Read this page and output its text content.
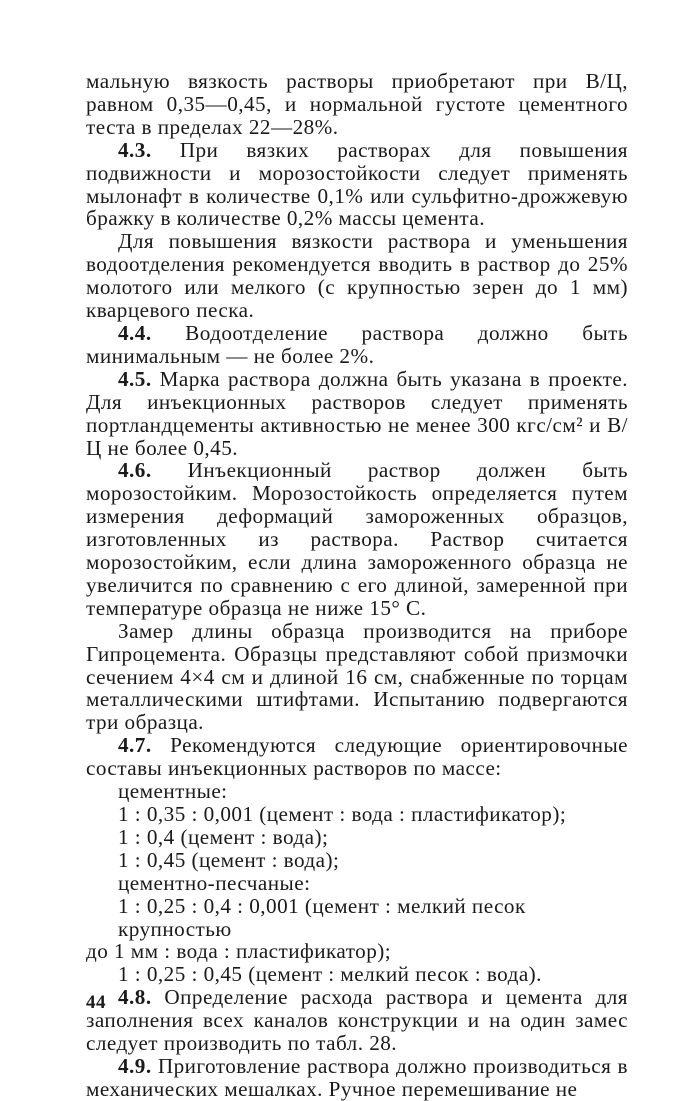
мальную вязкость растворы приобретают при В/Ц, равном 0,35—0,45, и нормальной густоте цементного теста в пределах 22—28%.

4.3. При вязких растворах для повышения подвижности и морозостойкости следует применять мылонафт в количестве 0,1% или сульфитно-дрожжевую бражку в количестве 0,2% массы цемента.

Для повышения вязкости раствора и уменьшения водоотделения рекомендуется вводить в раствор до 25% молотого или мелкого (с крупностью зерен до 1 мм) кварцевого песка.

4.4. Водоотделение раствора должно быть минимальным — не более 2%.

4.5. Марка раствора должна быть указана в проекте. Для инъекционных растворов следует применять портландцементы активностью не менее 300 кгс/см² и В/Ц не более 0,45.

4.6. Инъекционный раствор должен быть морозостойким. Морозостойкость определяется путем измерения деформаций замороженных образцов, изготовленных из раствора. Раствор считается морозостойким, если длина замороженного образца не увеличится по сравнению с его длиной, замеренной при температуре образца не ниже 15° С.

Замер длины образца производится на приборе Гипроцемента. Образцы представляют собой призмочки сечением 4×4 см и длиной 16 см, снабженные по торцам металлическими штифтами. Испытанию подвергаются три образца.

4.7. Рекомендуются следующие ориентировочные составы инъекционных растворов по массе:

цементные:
1 : 0,35 : 0,001 (цемент : вода : пластификатор);
1 : 0,4 (цемент : вода);
1 : 0,45 (цемент : вода);
цементно-песчаные:
1 : 0,25 : 0,4 : 0,001 (цемент : мелкий песок крупностью
до 1 мм : вода : пластификатор);
1 : 0,25 : 0,45 (цемент : мелкий песок : вода).

4.8. Определение расхода раствора и цемента для заполнения всех каналов конструкции и на один замес следует производить по табл. 28.

4.9. Приготовление раствора должно производиться в механических мешалках. Ручное перемешивание не

44
